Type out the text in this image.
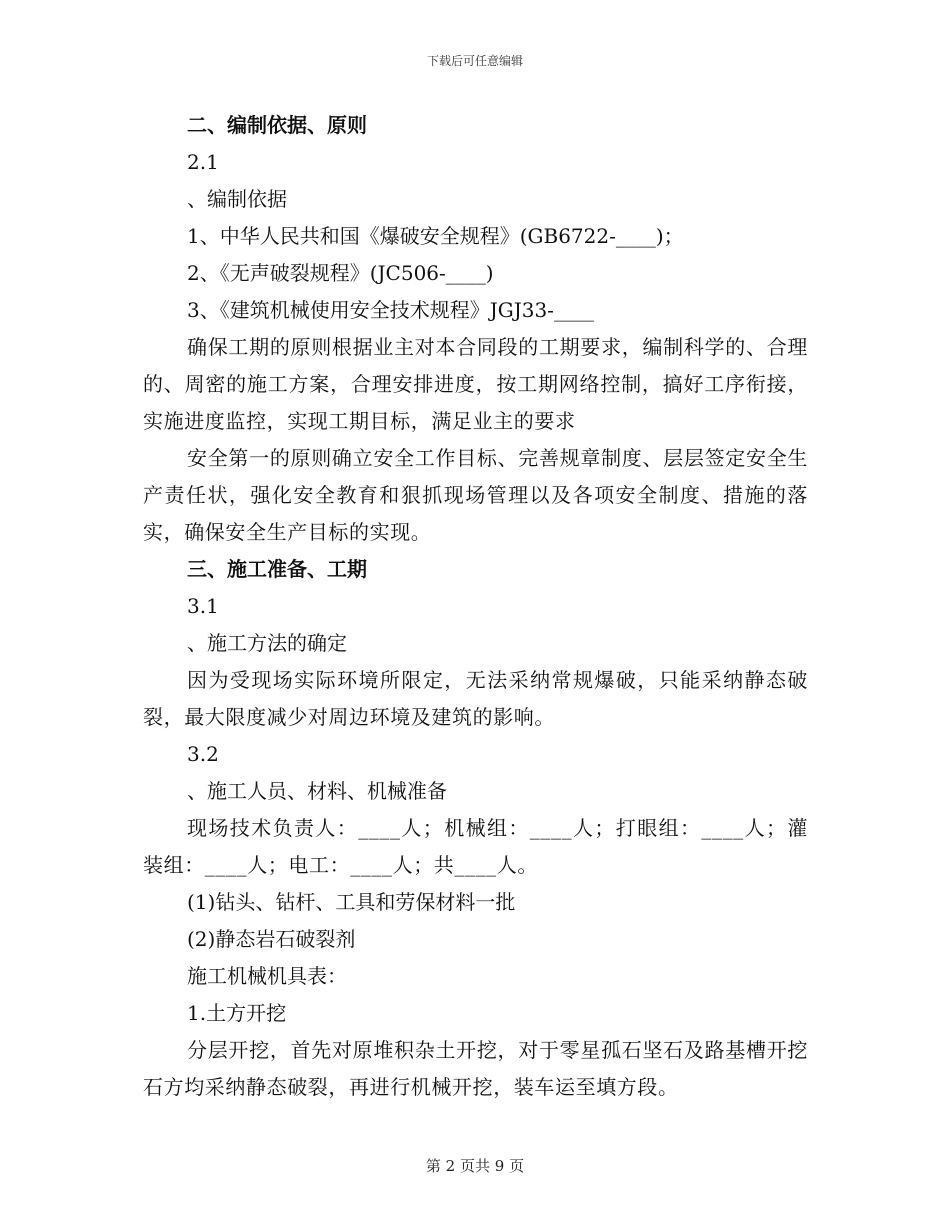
下载后可任意编辑
二、编制依据、原则
2.1
、编制依据
1、中华人民共和国《爆破安全规程》(GB6722-____)；
2、《无声破裂规程》(JC506-____)
3、《建筑机械使用安全技术规程》JGJ33-____
确保工期的原则根据业主对本合同段的工期要求，编制科学的、合理的、周密的施工方案，合理安排进度，按工期网络控制，搞好工序衔接，实施进度监控，实现工期目标，满足业主的要求
安全第一的原则确立安全工作目标、完善规章制度、层层签定安全生产责任状，强化安全教育和狠抓现场管理以及各项安全制度、措施的落实，确保安全生产目标的实现。
三、施工准备、工期
3.1
、施工方法的确定
因为受现场实际环境所限定，无法采纳常规爆破，只能采纳静态破裂，最大限度减少对周边环境及建筑的影响。
3.2
、施工人员、材料、机械准备
现场技术负责人：____人；机械组：____人；打眼组：____人；灌装组：____人；电工：____人；共____人。
(1)钻头、钻杆、工具和劳保材料一批
(2)静态岩石破裂剂
施工机械机具表：
1.土方开挖
分层开挖，首先对原堆积杂土开挖，对于零星孤石坚石及路基槽开挖石方均采纳静态破裂，再进行机械开挖，装车运至填方段。
第 2 页共 9 页
